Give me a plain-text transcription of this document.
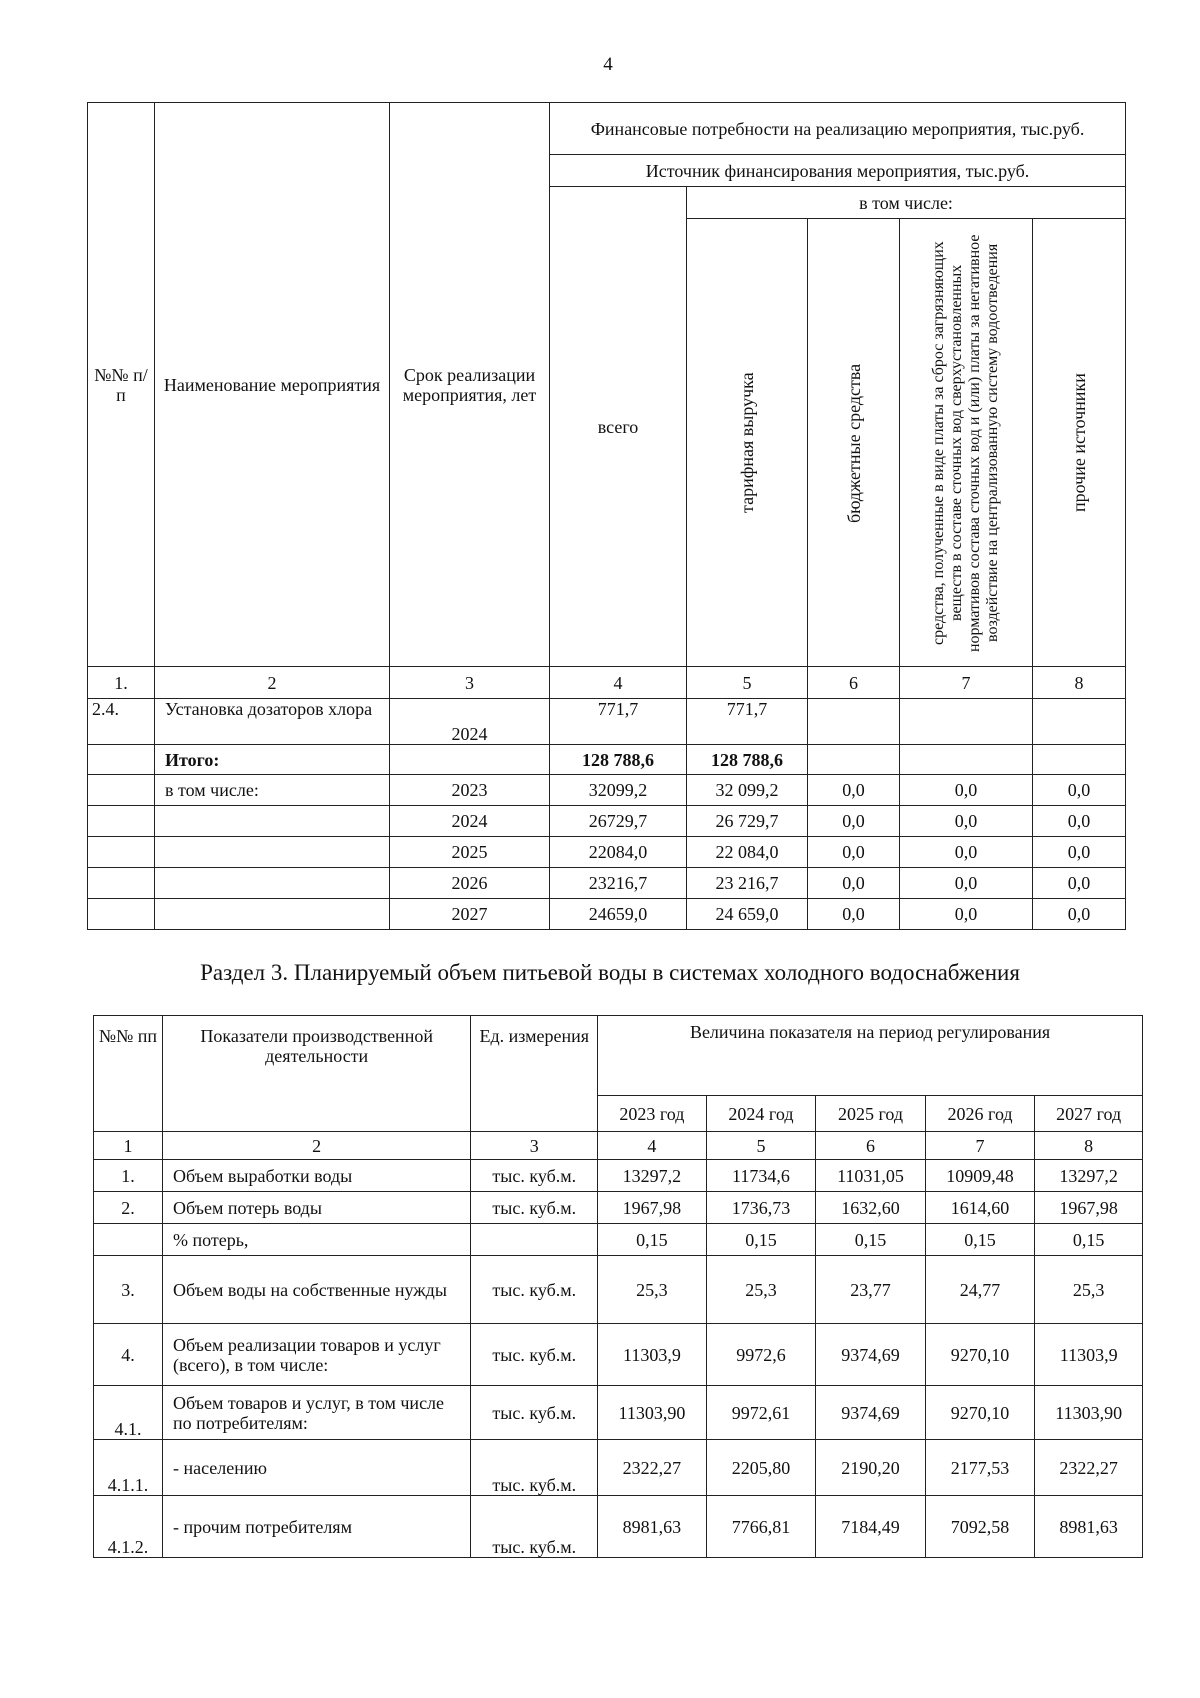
4
№№ п/п	Наименование мероприятия	Срок реализации мероприятия, лет	Финансовые потребности на реализацию мероприятия, тыс.руб.				
			Источник финансирования мероприятия, тыс.руб.				
			всего	в том числе:			

				тарифная выручка	бюджетные средства	средства, полученные в виде платы за сброс загрязняющих веществ в составе сточных вод сверхустановленных нормативов состава сточных вод и (или) платы за негативное воздействие на централизованную систему водоотведения	прочие источники

1.	2	3	4	5	6	7	8
2.4.	Установка дозаторов хлора	2024	771,7	771,7			
	Итого:		128 788,6	128 788,6			
	в том числе:	2023	32099,2	32 099,2	0,0	0,0	0,0
		2024	26729,7	26 729,7	0,0	0,0	0,0
		2025	22084,0	22 084,0	0,0	0,0	0,0
		2026	23216,7	23 216,7	0,0	0,0	0,0
		2027	24659,0	24 659,0	0,0	0,0	0,0
Раздел 3. Планируемый объем питьевой воды в системах холодного водоснабжения
№№ пп	Показатели производственной деятельности	Ед. измерения	Величина показателя на период регулирования				
			2023 год	2024 год	2025 год	2026 год	2027 год
1	2	3	4	5	6	7	8
1.	Объем выработки воды	тыс. куб.м.	13297,2	11734,6	11031,05	10909,48	13297,2
2.	Объем потерь воды	тыс. куб.м.	1967,98	1736,73	1632,60	1614,60	1967,98
	% потерь,		0,15	0,15	0,15	0,15	0,15
3.	Объем воды на собственные нужды	тыс. куб.м.	25,3	25,3	23,77	24,77	25,3
4.	Объем реализации товаров и услуг (всего), в том числе:	тыс. куб.м.	11303,9	9972,6	9374,69	9270,10	11303,9
4.1.	Объем товаров и услуг, в том числе по потребителям:	тыс. куб.м.	11303,90	9972,61	9374,69	9270,10	11303,90
4.1.1.	- населению	тыс. куб.м.	2322,27	2205,80	2190,20	2177,53	2322,27
4.1.2.	- прочим потребителям	тыс. куб.м.	8981,63	7766,81	7184,49	7092,58	8981,63
